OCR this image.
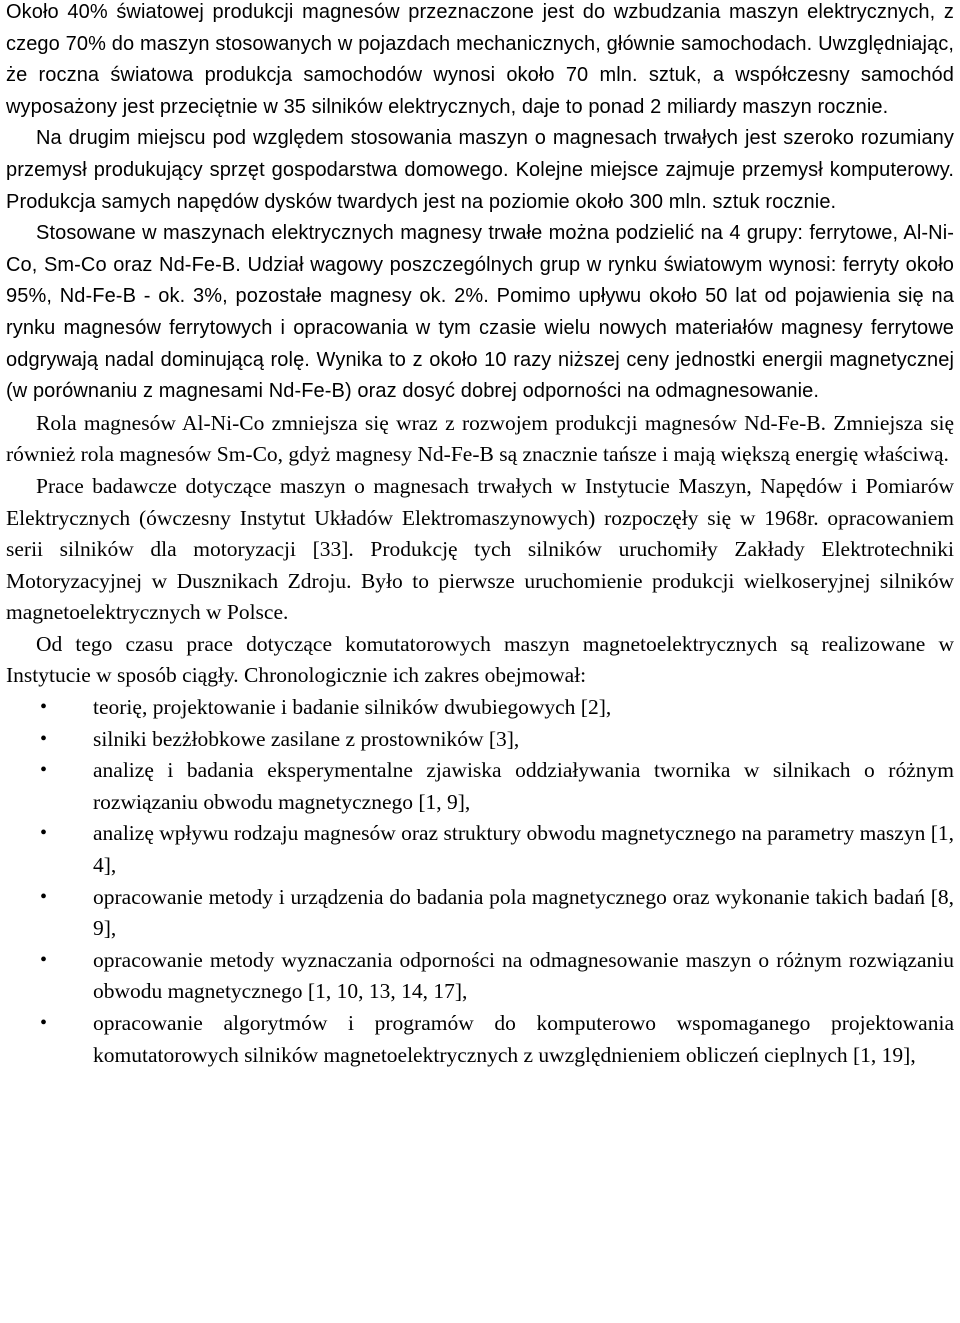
Około 40% światowej produkcji magnesów przeznaczone jest do wzbudzania maszyn elektrycznych, z czego 70% do maszyn stosowanych w pojazdach mechanicznych, głównie samochodach. Uwzględniając, że roczna światowa produkcja samochodów wynosi około 70 mln. sztuk, a współczesny samochód wyposażony jest przeciętnie w 35 silników elektrycznych, daje to ponad 2 miliardy maszyn rocznie.

Na drugim miejscu pod względem stosowania maszyn o magnesach trwałych jest szeroko rozumiany przemysł produkujący sprzęt gospodarstwa domowego. Kolejne miejsce zajmuje przemysł komputerowy. Produkcja samych napędów dysków twardych jest na poziomie około 300 mln. sztuk rocznie.

Stosowane w maszynach elektrycznych magnesy trwałe można podzielić na 4 grupy: ferrytowe, Al-Ni-Co, Sm-Co oraz Nd-Fe-B. Udział wagowy poszczególnych grup w rynku światowym wynosi: ferryty około 95%, Nd-Fe-B - ok. 3%, pozostałe magnesy ok. 2%. Pomimo upływu około 50 lat od pojawienia się na rynku magnesów ferrytowych i opracowania w tym czasie wielu nowych materiałów magnesy ferrytowe odgrywają nadal dominującą rolę. Wynika to z około 10 razy niższej ceny jednostki energii magnetycznej (w porównaniu z magnesami Nd-Fe-B) oraz dosyć dobrej odporności na odmagnesowanie.

Rola magnesów Al-Ni-Co zmniejsza się wraz z rozwojem produkcji magnesów Nd-Fe-B. Zmniejsza się również rola magnesów Sm-Co, gdyż magnesy Nd-Fe-B są znacznie tańsze i mają większą energię właściwą.

Prace badawcze dotyczące maszyn o magnesach trwałych w Instytucie Maszyn, Napędów i Pomiarów Elektrycznych (ówczesny Instytut Układów Elektromaszynowych) rozpoczęły się w 1968r. opracowaniem serii silników dla motoryzacji [33]. Produkcję tych silników uruchomiły Zakłady Elektrotechniki Motoryzacyjnej w Dusznikach Zdroju. Było to pierwsze uruchomienie produkcji wielkoseryjnej silników magnetoelektrycznych w Polsce.

Od tego czasu prace dotyczące komutatorowych maszyn magnetoelektrycznych są realizowane w Instytucie w sposób ciągły. Chronologicznie ich zakres obejmował:

• teorię, projektowanie i badanie silników dwubiegowych [2],
• silniki bezżłobkowe zasilane z prostowników [3],
• analizę i badania eksperymentalne zjawiska oddziaływania twornika w silnikach o różnym rozwiązaniu obwodu magnetycznego [1, 9],
• analizę wpływu rodzaju magnesów oraz struktury obwodu magnetycznego na parametry maszyn [1, 4],
• opracowanie metody i urządzenia do badania pola magnetycznego oraz wykonanie takich badań [8, 9],
• opracowanie metody wyznaczania odporności na odmagnesowanie maszyn o różnym rozwiązaniu obwodu magnetycznego [1, 10, 13, 14, 17],
• opracowanie algorytmów i programów do komputerowo wspomaganego projektowania komutatorowych silników magnetoelektrycznych z uwzględnieniem obliczeń cieplnych [1, 19],
